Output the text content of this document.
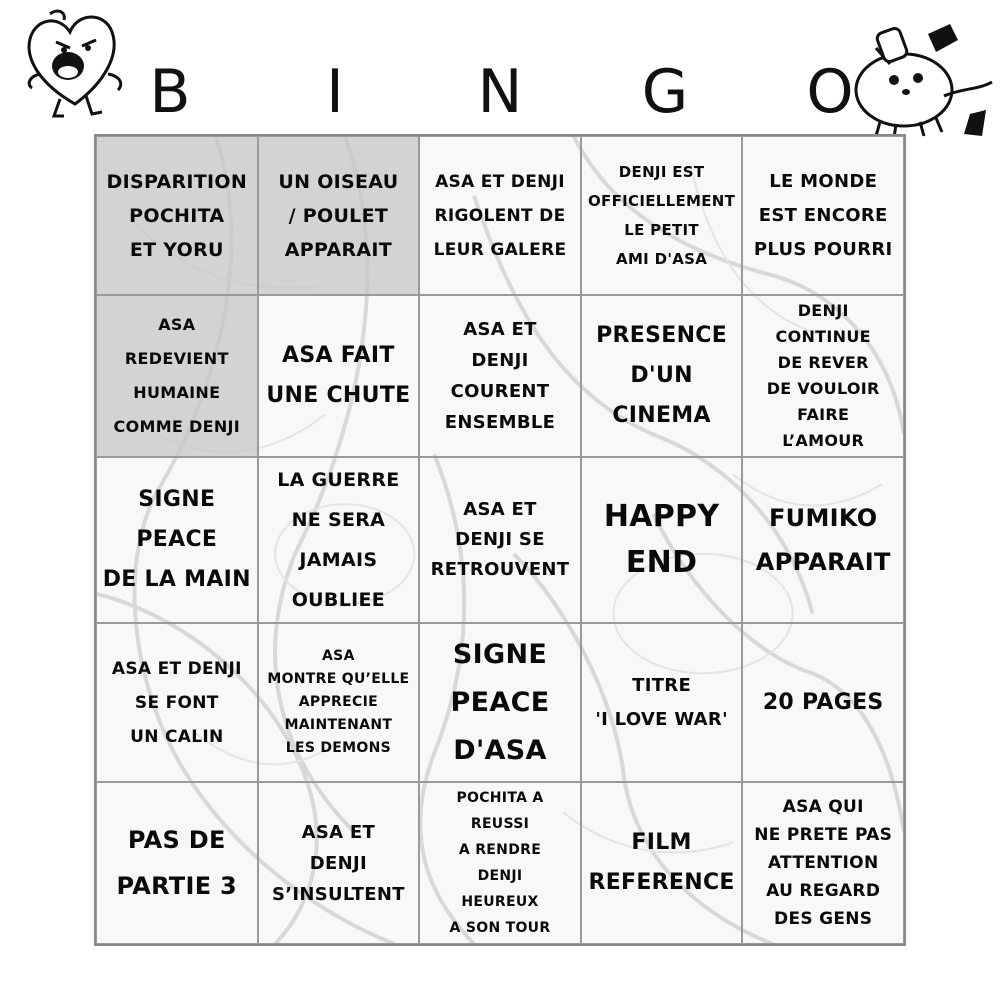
B	I	N G O
DISPARITION
POCHITA
ET YORU
UN OISEAU
/ POULET
APPARAIT
ASA ET DENJI
RIGOLENT DE
LEUR GALERE
DENJI EST
OFFICIELLEMENT
LE PETIT
AMI D'ASA
LE MONDE
EST ENCORE
PLUS POURRI
ASA
REDEVIENT
HUMAINE
COMME DENJI
ASA FAIT
UNE CHUTE
ASA ET
DENJI
COURENT
ENSEMBLE
PRESENCE
D'UN
CINEMA
DENJI
CONTINUE
DE REVER
DE VOULOIR
FAIRE
L’AMOUR
SIGNE
PEACE
DE LA MAIN
LA GUERRE
NE SERA
JAMAIS
OUBLIEE
ASA ET
DENJI SE
RETROUVENT
HAPPY
END
FUMIKO
APPARAIT
ASA ET DENJI
SE FONT
UN CALIN
ASA
MONTRE QU’ELLE
APPRECIE
MAINTENANT
LES DEMONS
SIGNE
PEACE
D'ASA
TITRE
'I LOVE WAR'
20 PAGES
PAS DE
PARTIE 3
ASA ET
DENJI
S’INSULTENT
POCHITA A
REUSSI
A RENDRE
DENJI
HEUREUX
A SON TOUR
FILM
REFERENCE
ASA QUI
NE PRETE PAS
ATTENTION
AU REGARD
DES GENS
